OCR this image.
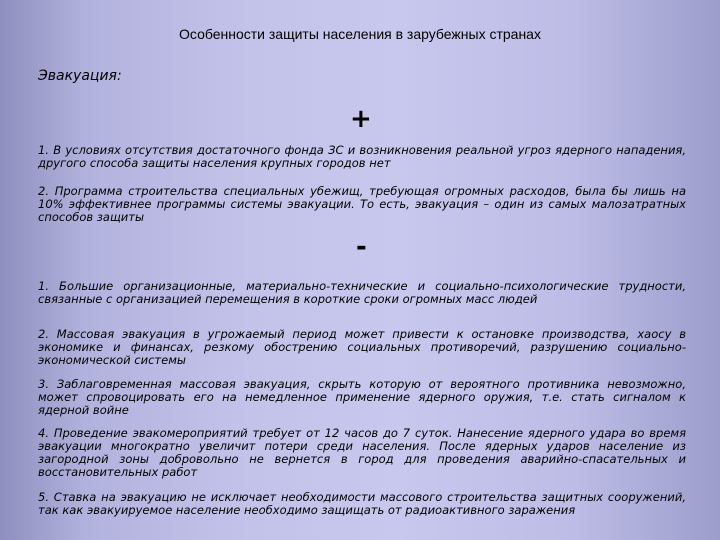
Особенности защиты населения в зарубежных странах
Эвакуация:
+

1. В условиях отсутствия достаточного фонда ЗС и возникновения реальной угроз ядерного нападения, другого способа защиты населения крупных городов нет

2. Программа строительства специальных убежищ, требующая огромных расходов, была бы лишь на 10% эффективнее программы системы эвакуации. То есть, эвакуация – один из самых малозатратных способов защиты

-

1. Большие организационные, материально-технические и социально-психологические трудности, связанные с организацией перемещения в короткие сроки огромных масс людей

2. Массовая эвакуация в угрожаемый период может привести к остановке производства, хаосу в экономике и финансах, резкому обострению социальных противоречий, разрушению социально-экономической системы

3. Заблаговременная массовая эвакуация, скрыть которую от вероятного противника невозможно, может спровоцировать его на немедленное применение ядерного оружия, т.е. стать сигналом к ядерной войне

4. Проведение эвакомероприятий требует от 12 часов до 7 суток. Нанесение ядерного удара во время эвакуации многократно увеличит потери среди населения. После ядерных ударов население из загородной зоны добровольно не вернется в город для проведения аварийно-спасательных и восстановительных работ

5. Ставка на эвакуацию не исключает необходимости массового строительства защитных сооружений, так как эвакуируемое население необходимо защищать от радиоактивного заражения
